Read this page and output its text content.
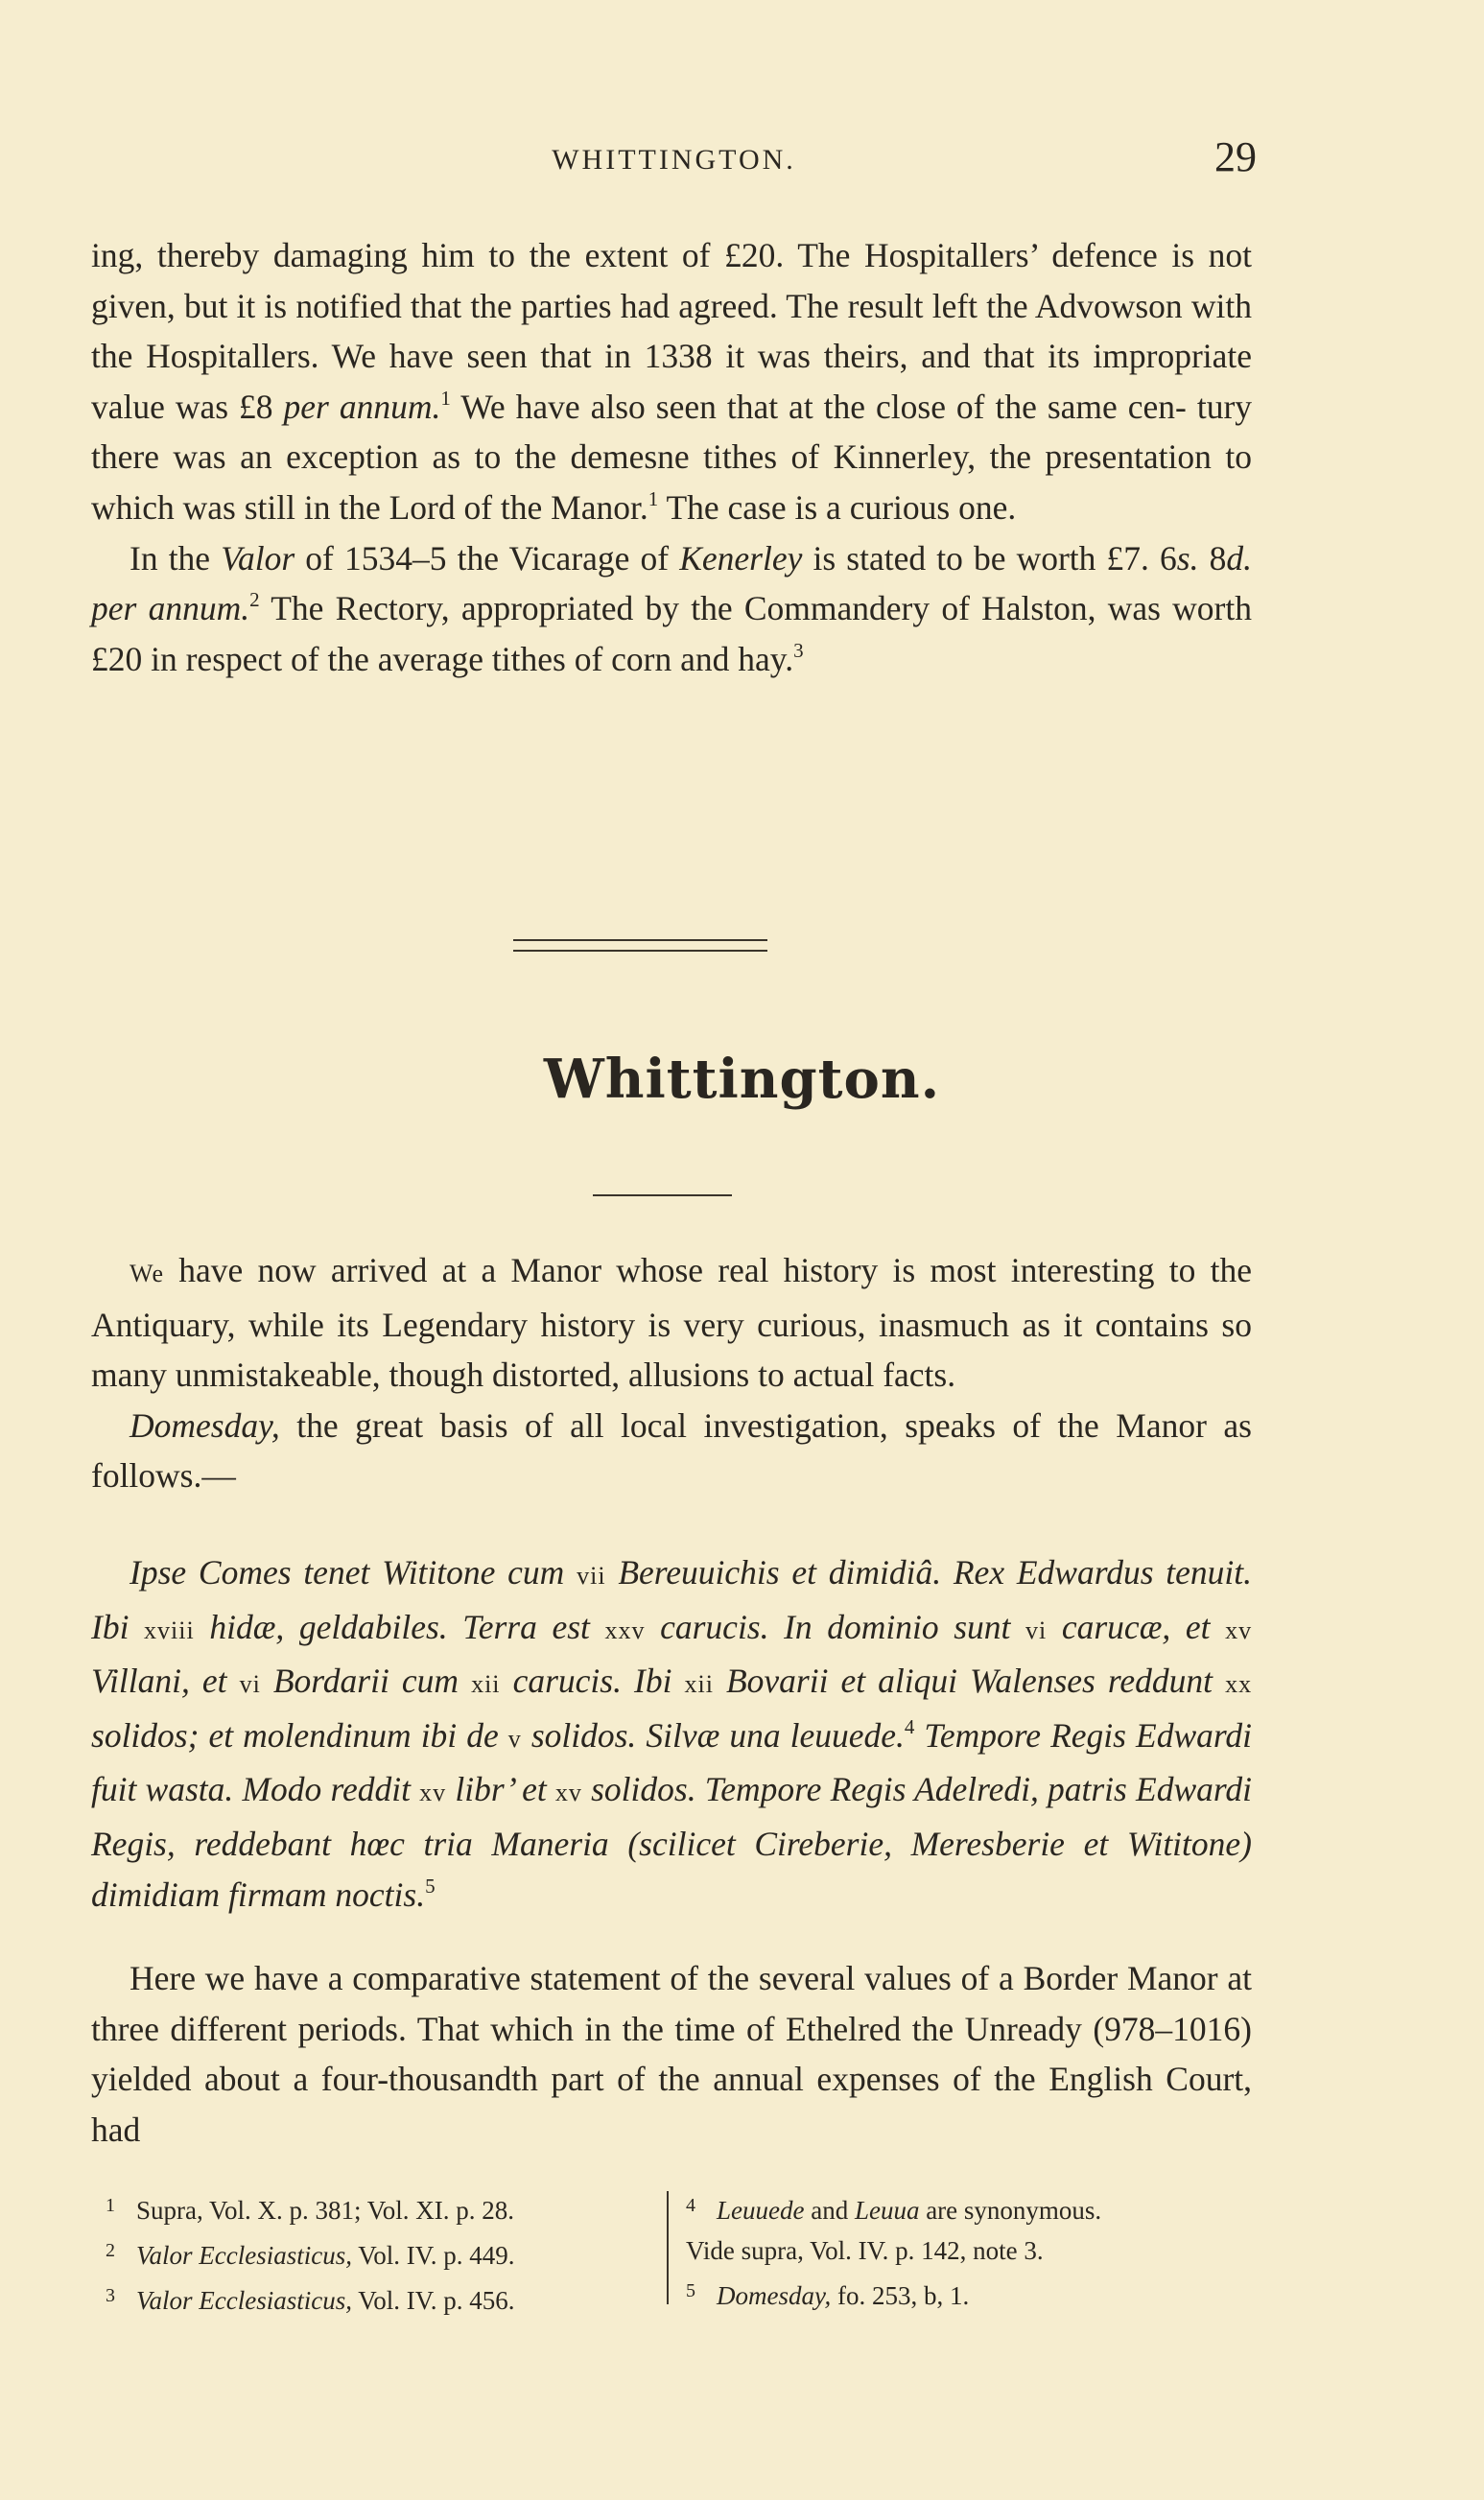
WHITTINGTON.	29

ing, thereby damaging him to the extent of £20. The Hospitallers’ defence is not given, but it is notified that the parties had agreed. The result left the Advowson with the Hospitallers. We have seen that in 1338 it was theirs, and that its impropriate value was £8 per annum.$^1$ We have also seen that at the close of the same cen- tury there was an exception as to the demesne tithes of Kinnerley, the presentation to which was still in the Lord of the Manor.$^1$ The case is a curious one.

In the Valor of 1534–5 the Vicarage of Kenerley is stated to be worth £7. 6s. 8d. per annum.$^2$ The Rectory, appropriated by the Commandery of Halston, was worth £20 in respect of the average tithes of corn and hay.$^3$

Whittington.

We have now arrived at a Manor whose real history is most interesting to the Antiquary, while its Legendary history is very curious, inasmuch as it contains so many unmistakeable, though distorted, allusions to actual facts.

Domesday, the great basis of all local investigation, speaks of the Manor as follows.—

Ipse Comes tenet Wititone cum vii Bereuuichis et dimidiâ. Rex Edwardus tenuit. Ibi xviii hidæ, geldabiles. Terra est xxv carucis. In dominio sunt vi carucæ, et xv Villani, et vi Bordarii cum xii carucis. Ibi xii Bovarii et aliqui Walenses reddunt xx solidos; et molendinum ibi de v solidos. Silvæ una leuuede.$^4$ Tempore Regis Edwardi fuit wasta. Modo reddit xv libr’ et xv solidos. Tempore Regis Adelredi, patris Edwardi Regis, reddebant hœc tria Maneria (scilicet Cireberie, Meresberie et Wititone) dimidiam firmam noctis.$^5$

Here we have a comparative statement of the several values of a Border Manor at three different periods. That which in the time of Ethelred the Unready (978–1016) yielded about a four-thousandth part of the annual expenses of the English Court, had

1 Supra, Vol. X. p. 381; Vol. XI. p. 28.
2 Valor Ecclesiasticus, Vol. IV. p. 449.
3 Valor Ecclesiasticus, Vol. IV. p. 456.
4 Leuuede and Leuua are synonymous.
Vide supra, Vol. IV. p. 142, note 3.
5 Domesday, fo. 253, b, 1.
